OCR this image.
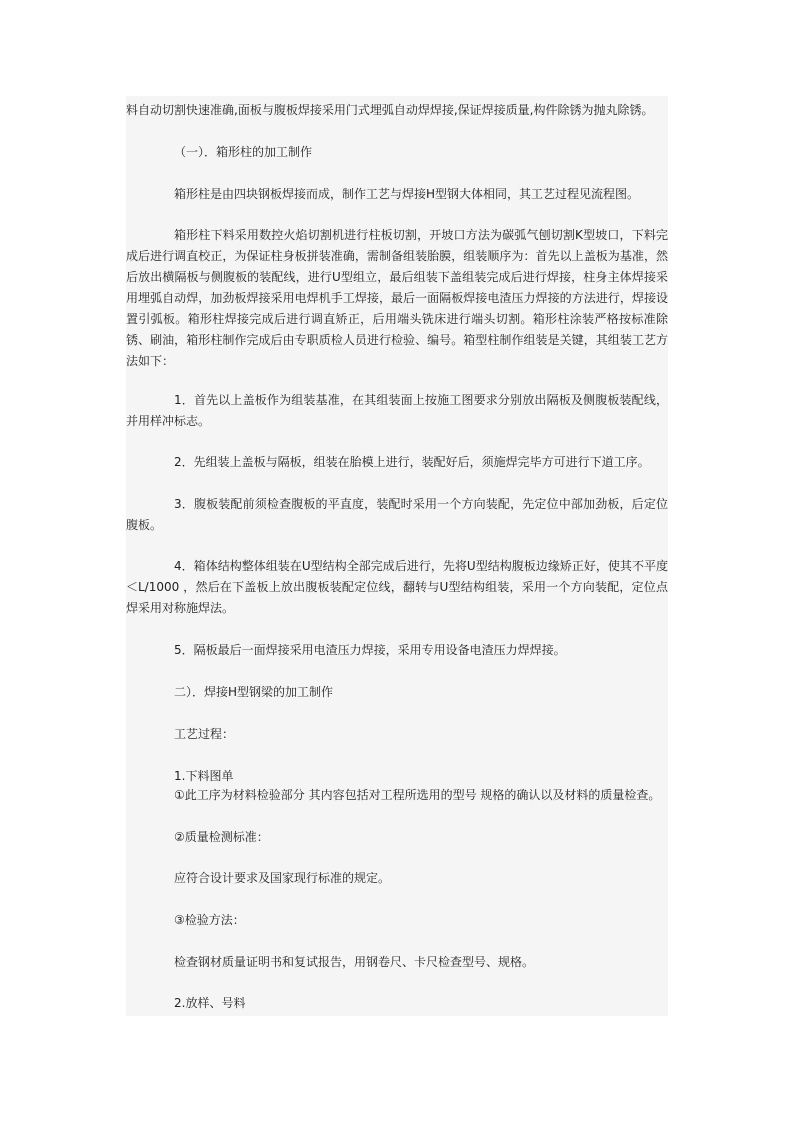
料自动切割快速准确,面板与腹板焊接采用门式埋弧自动焊焊接,保证焊接质量,构件除锈为抛丸除锈。

（一）．箱形柱的加工制作

箱形柱是由四块钢板焊接而成，制作工艺与焊接H型钢大体相同，其工艺过程见流程图。

箱形柱下料采用数控火焰切割机进行柱板切割，开坡口方法为碳弧气刨切割K型坡口，下料完成后进行调直校正，为保证柱身板拼装准确，需制备组装胎膜，组装顺序为：首先以上盖板为基准，然后放出横隔板与侧腹板的装配线，进行U型组立，最后组装下盖组装完成后进行焊接，柱身主体焊接采用埋弧自动焊，加劲板焊接采用电焊机手工焊接，最后一面隔板焊接电渣压力焊接的方法进行，焊接设置引弧板。箱形柱焊接完成后进行调直矫正，后用端头铣床进行端头切割。箱形柱涂装严格按标准除锈、刷油，箱形柱制作完成后由专职质检人员进行检验、编号。箱型柱制作组装是关键，其组装工艺方法如下：

1．首先以上盖板作为组装基准，在其组装面上按施工图要求分别放出隔板及侧腹板装配线，并用样冲标志。

2．先组装上盖板与隔板，组装在胎模上进行，装配好后，须施焊完毕方可进行下道工序。

3．腹板装配前须检查腹板的平直度，装配时采用一个方向装配，先定位中部加劲板，后定位腹板。

4．箱体结构整体组装在U型结构全部完成后进行，先将U型结构腹板边缘矫正好，使其不平度＜L/1000 ，然后在下盖板上放出腹板装配定位线，翻转与U型结构组装，采用一个方向装配，定位点焊采用对称施焊法。

5．隔板最后一面焊接采用电渣压力焊接，采用专用设备电渣压力焊焊接。

二）．焊接H型钢梁的加工制作

工艺过程：

1.下料图单

①此工序为材料检验部分 其内容包括对工程所选用的型号 规格的确认以及材料的质量检查。

②质量检测标准：

应符合设计要求及国家现行标准的规定。

③检验方法：

检查钢材质量证明书和复试报告，用钢卷尺、卡尺检查型号、规格。

2.放样、号料
